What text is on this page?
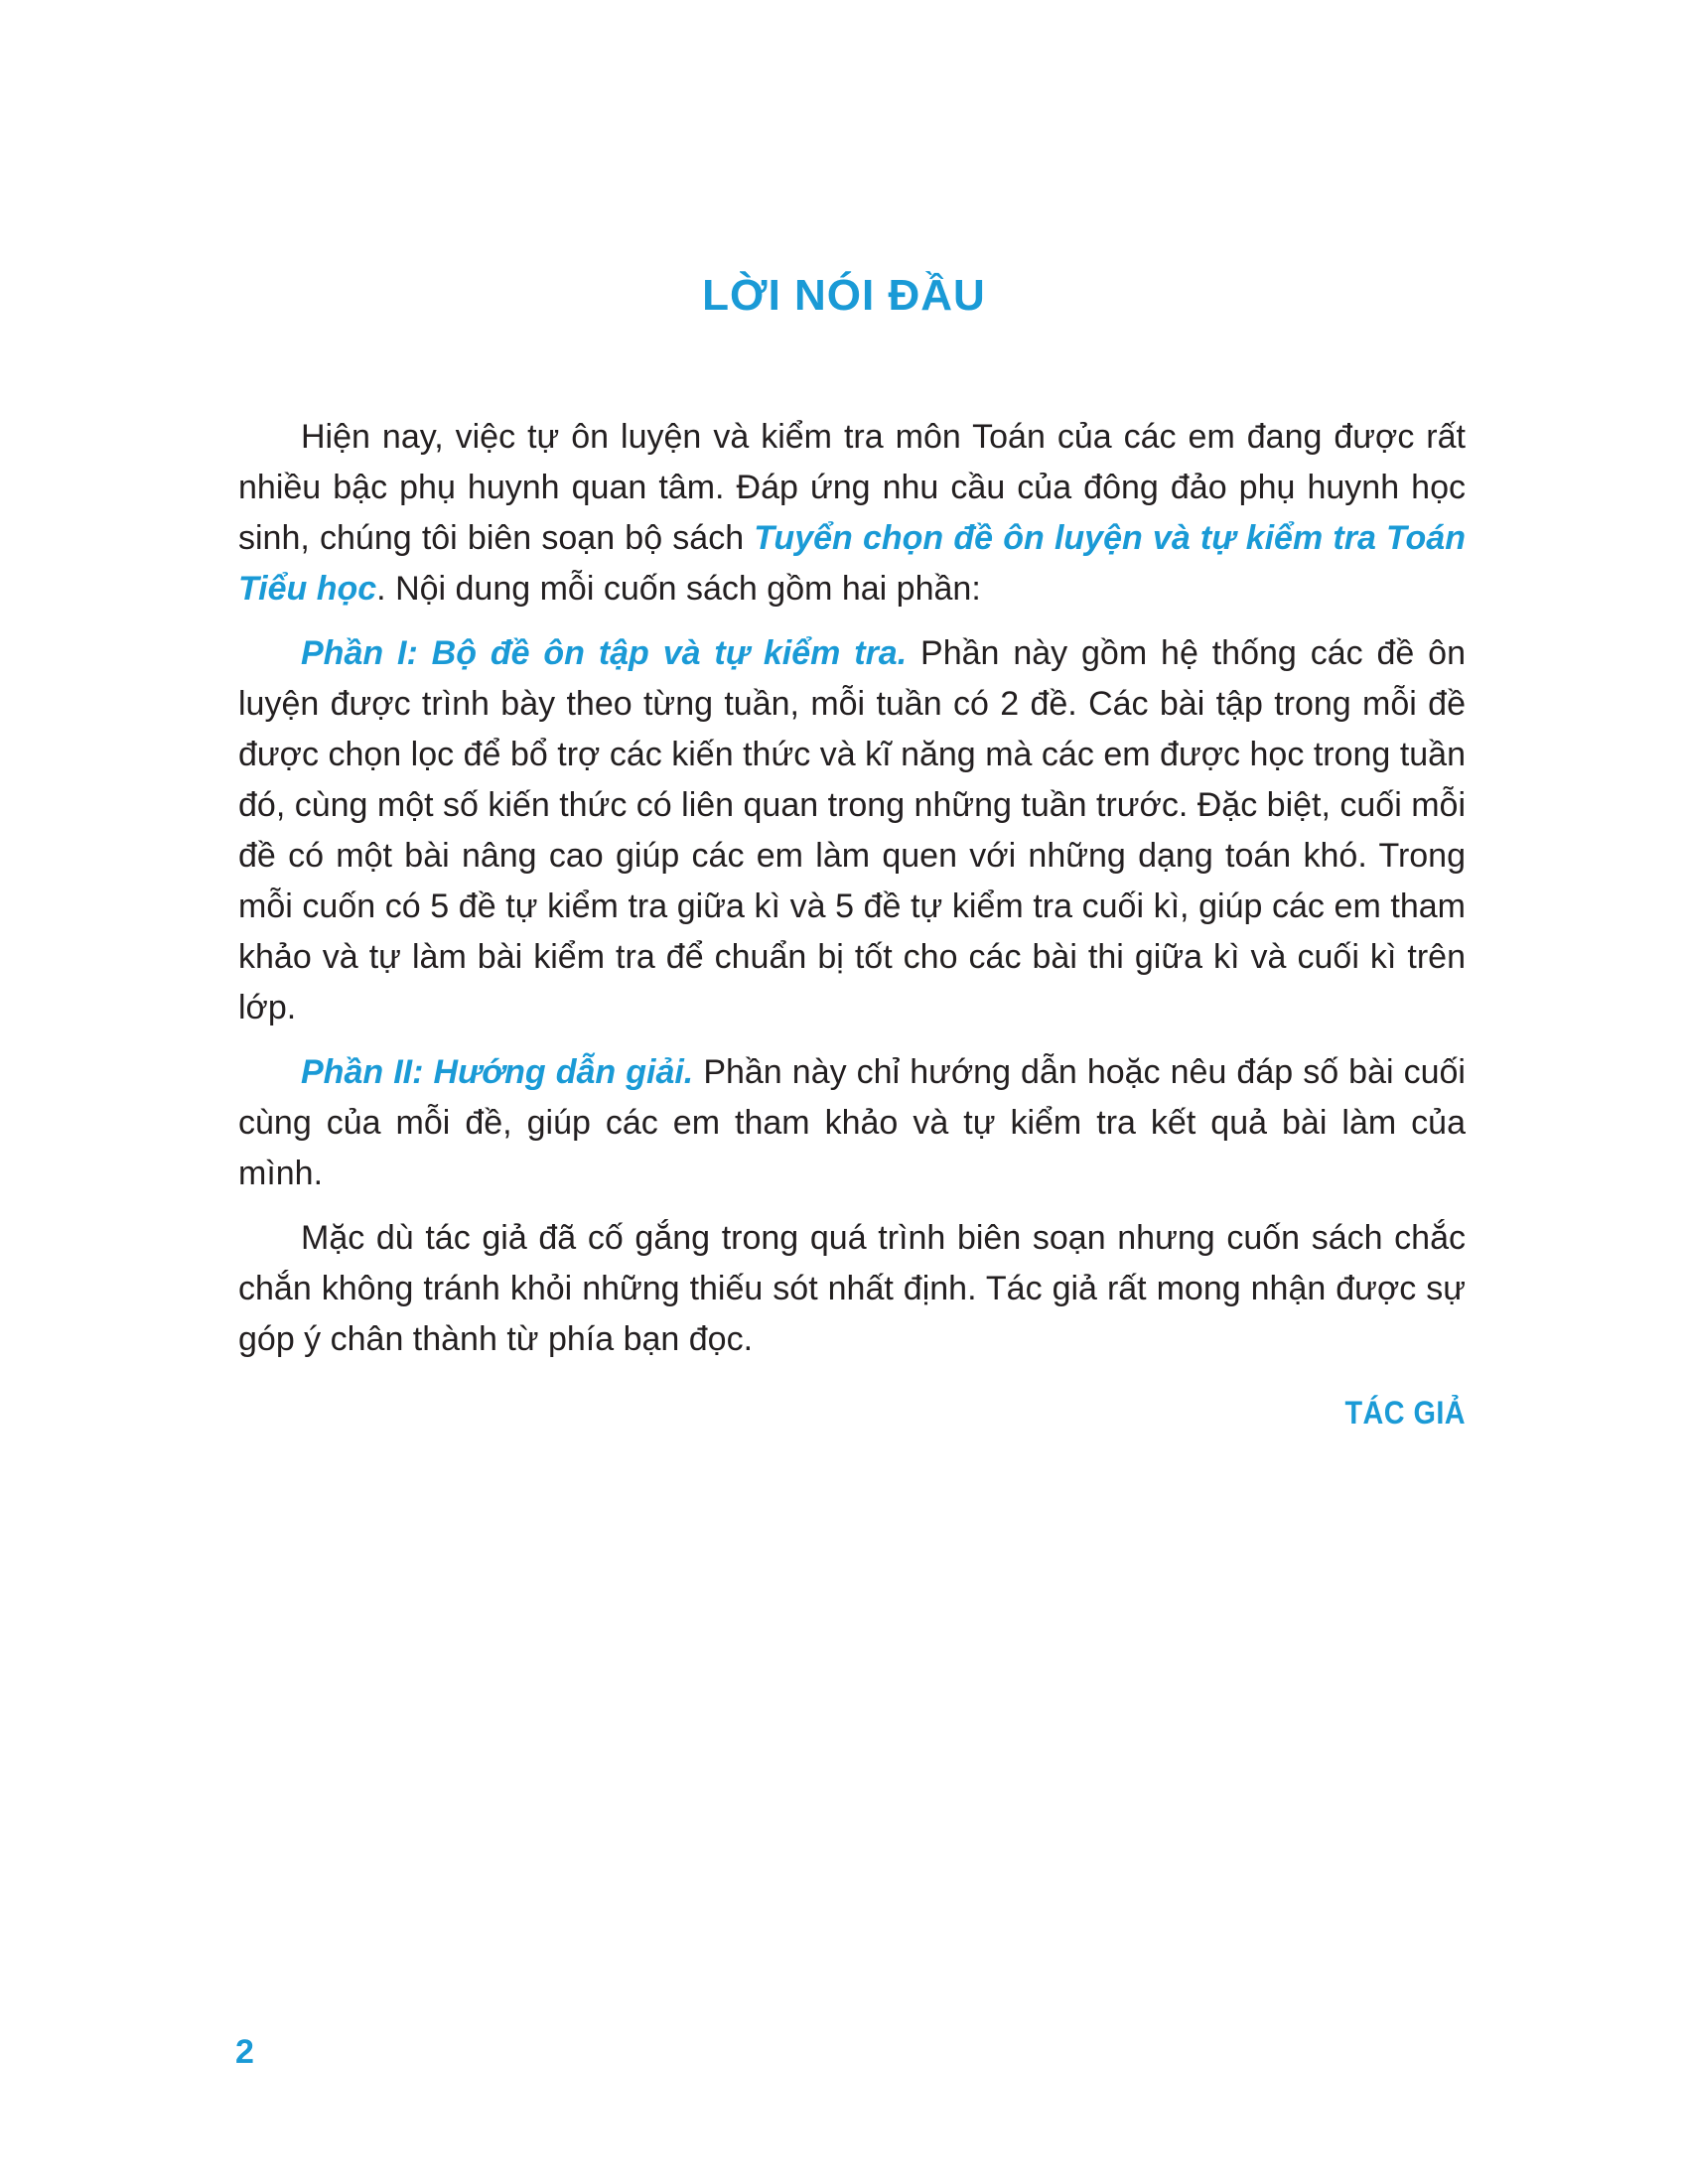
LỜI NÓI ĐẦU

Hiện nay, việc tự ôn luyện và kiểm tra môn Toán của các em đang được rất nhiều bậc phụ huynh quan tâm. Đáp ứng nhu cầu của đông đảo phụ huynh học sinh, chúng tôi biên soạn bộ sách Tuyển chọn đề ôn luyện và tự kiểm tra Toán Tiểu học. Nội dung mỗi cuốn sách gồm hai phần:

Phần I: Bộ đề ôn tập và tự kiểm tra. Phần này gồm hệ thống các đề ôn luyện được trình bày theo từng tuần, mỗi tuần có 2 đề. Các bài tập trong mỗi đề được chọn lọc để bổ trợ các kiến thức và kĩ năng mà các em được học trong tuần đó, cùng một số kiến thức có liên quan trong những tuần trước. Đặc biệt, cuối mỗi đề có một bài nâng cao giúp các em làm quen với những dạng toán khó. Trong mỗi cuốn có 5 đề tự kiểm tra giữa kì và 5 đề tự kiểm tra cuối kì, giúp các em tham khảo và tự làm bài kiểm tra để chuẩn bị tốt cho các bài thi giữa kì và cuối kì trên lớp.

Phần II: Hướng dẫn giải. Phần này chỉ hướng dẫn hoặc nêu đáp số bài cuối cùng của mỗi đề, giúp các em tham khảo và tự kiểm tra kết quả bài làm của mình.

Mặc dù tác giả đã cố gắng trong quá trình biên soạn nhưng cuốn sách chắc chắn không tránh khỏi những thiếu sót nhất định. Tác giả rất mong nhận được sự góp ý chân thành từ phía bạn đọc.

TÁC GIẢ

2
